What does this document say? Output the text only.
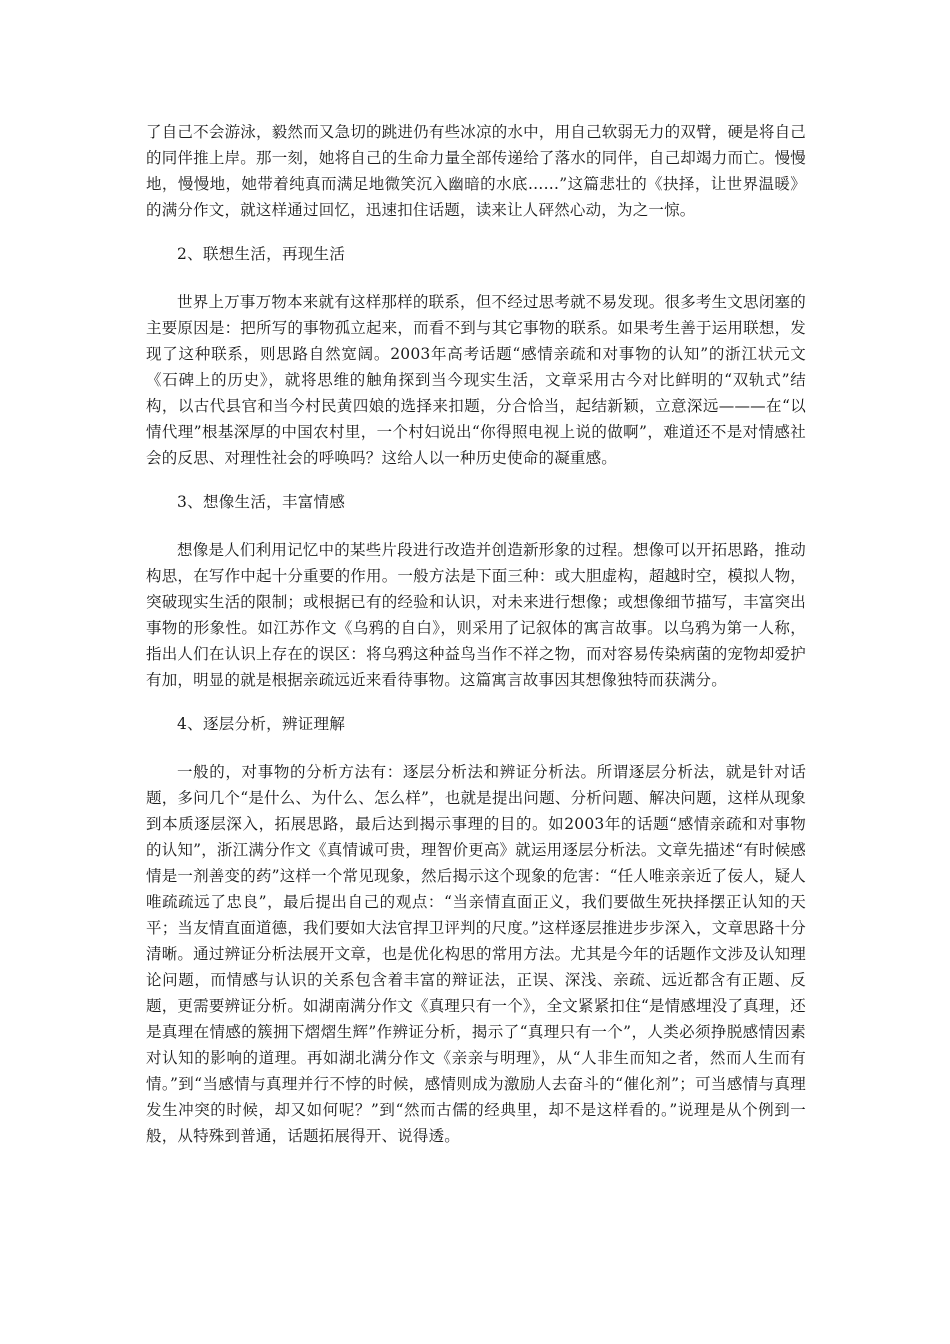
了自己不会游泳，毅然而又急切的跳进仍有些冰凉的水中，用自己软弱无力的双臂，硬是将自己的同伴推上岸。那一刻，她将自己的生命力量全部传递给了落水的同伴，自己却竭力而亡。慢慢地，慢慢地，她带着纯真而满足地微笑沉入幽暗的水底……”这篇悲壮的《抉择，让世界温暖》的满分作文，就这样通过回忆，迅速扣住话题，读来让人砰然心动，为之一惊。

2、联想生活，再现生活

世界上万事万物本来就有这样那样的联系，但不经过思考就不易发现。很多考生文思闭塞的主要原因是：把所写的事物孤立起来，而看不到与其它事物的联系。如果考生善于运用联想，发现了这种联系，则思路自然宽阔。2003年高考话题“感情亲疏和对事物的认知”的浙江状元文《石碑上的历史》，就将思维的触角探到当今现实生活，文章采用古今对比鲜明的“双轨式”结构，以古代县官和当今村民黄四娘的选择来扣题，分合恰当，起结新颖，立意深远———在“以情代理”根基深厚的中国农村里，一个村妇说出“你得照电视上说的做啊”，难道还不是对情感社会的反思、对理性社会的呼唤吗？这给人以一种历史使命的凝重感。

3、想像生活，丰富情感

想像是人们利用记忆中的某些片段进行改造并创造新形象的过程。想像可以开拓思路，推动构思，在写作中起十分重要的作用。一般方法是下面三种：或大胆虚构，超越时空，模拟人物，突破现实生活的限制；或根据已有的经验和认识，对未来进行想像；或想像细节描写，丰富突出事物的形象性。如江苏作文《乌鸦的自白》，则采用了记叙体的寓言故事。以乌鸦为第一人称，指出人们在认识上存在的误区：将乌鸦这种益鸟当作不祥之物，而对容易传染病菌的宠物却爱护有加，明显的就是根据亲疏远近来看待事物。这篇寓言故事因其想像独特而获满分。

4、逐层分析，辨证理解

一般的，对事物的分析方法有：逐层分析法和辨证分析法。所谓逐层分析法，就是针对话题，多问几个“是什么、为什么、怎么样”，也就是提出问题、分析问题、解决问题，这样从现象到本质逐层深入，拓展思路，最后达到揭示事理的目的。如2003年的话题“感情亲疏和对事物的认知”，浙江满分作文《真情诚可贵，理智价更高》就运用逐层分析法。文章先描述“有时候感情是一剂善变的药”这样一个常见现象，然后揭示这个现象的危害：“任人唯亲亲近了佞人，疑人唯疏疏远了忠良”，最后提出自己的观点：“当亲情直面正义，我们要做生死抉择摆正认知的天平；当友情直面道德，我们要如大法官捍卫评判的尺度。”这样逐层推进步步深入，文章思路十分清晰。通过辨证分析法展开文章，也是优化构思的常用方法。尤其是今年的话题作文涉及认知理论问题，而情感与认识的关系包含着丰富的辩证法，正误、深浅、亲疏、远近都含有正题、反题，更需要辨证分析。如湖南满分作文《真理只有一个》，全文紧紧扣住“是情感埋没了真理，还是真理在情感的簇拥下熠熠生辉”作辨证分析，揭示了“真理只有一个”，人类必须挣脱感情因素对认知的影响的道理。再如湖北满分作文《亲亲与明理》，从“人非生而知之者，然而人生而有情。”到“当感情与真理并行不悖的时候，感情则成为激励人去奋斗的“催化剂”；可当感情与真理发生冲突的时候，却又如何呢？”到“然而古儒的经典里，却不是这样看的。”说理是从个例到一般，从特殊到普通，话题拓展得开、说得透。
